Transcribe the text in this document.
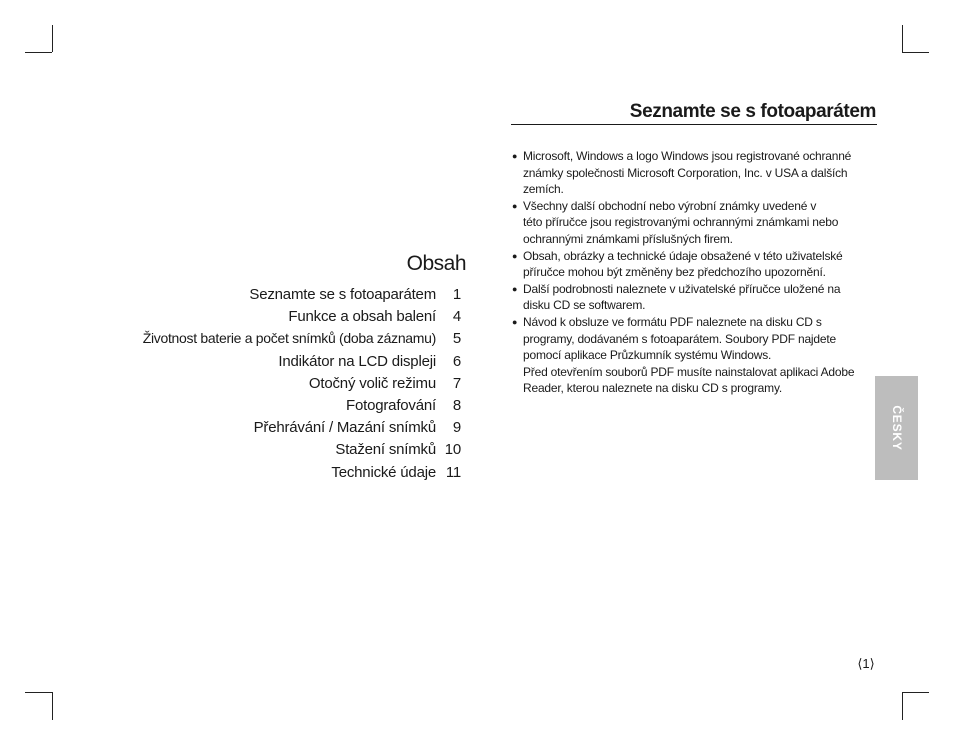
Obsah
Seznamte se s fotoaparátem	1
Funkce a obsah balení	4
Životnost baterie a počet snímků (doba záznamu)	5
Indikátor na LCD displeji	6
Otočný volič režimu	7
Fotografování	8
Přehrávání / Mazání snímků	9
Stažení snímků 10
Technické údaje 11
Seznamte se s fotoaparátem
● Microsoft, Windows a logo Windows jsou registrované ochranné
známky společnosti Microsoft Corporation, Inc. v USA a dalších
zemích.
● Všechny další obchodní nebo výrobní známky uvedené v
této příručce jsou registrovanými ochrannými známkami nebo
ochrannými známkami příslušných firem.
● Obsah, obrázky a technické údaje obsažené v této uživatelské
příručce mohou být změněny bez předchozího upozornění.
● Další podrobnosti naleznete v uživatelské příručce uložené na
disku CD se softwarem.
● Návod k obsluze ve formátu PDF naleznete na disku CD s
programy, dodávaném s fotoaparátem. Soubory PDF najdete
pomocí aplikace Průzkumník systému Windows.
Před otevřením souborů PDF musíte nainstalovat aplikaci Adobe
Reader, kterou naleznete na disku CD s programy.
ČESKY
⟨1⟩
